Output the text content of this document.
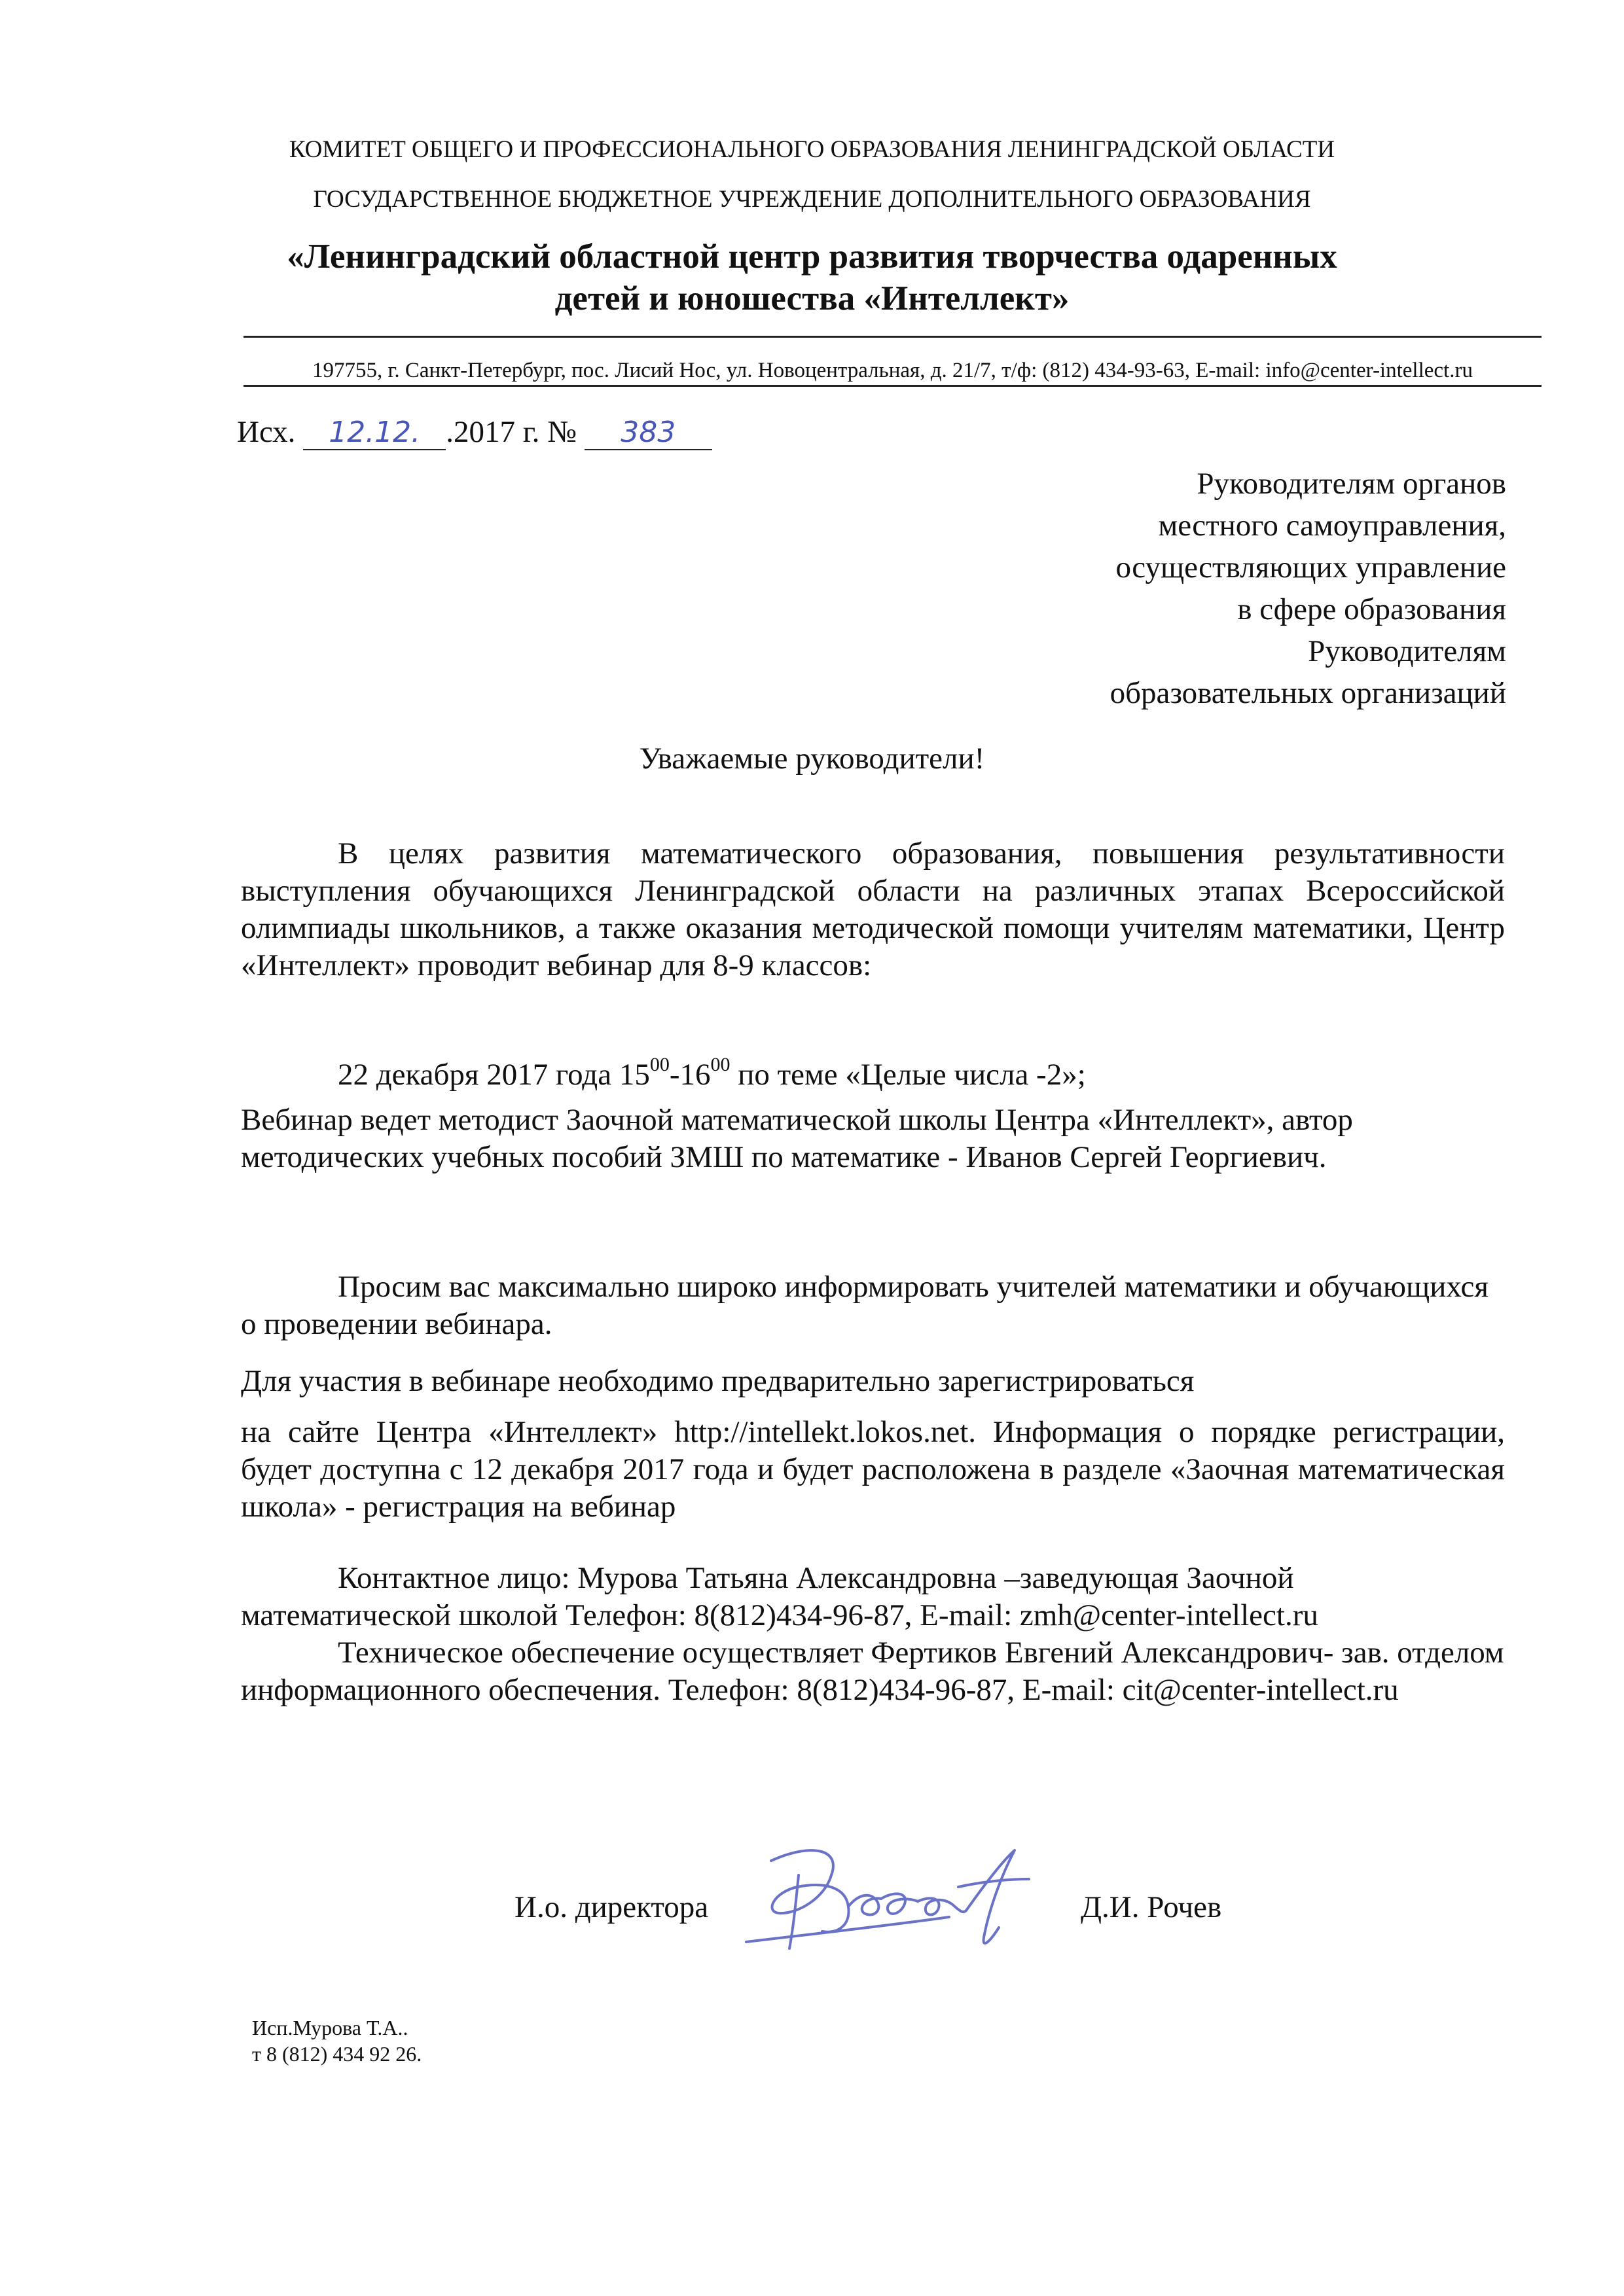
КОМИТЕТ ОБЩЕГО И ПРОФЕССИОНАЛЬНОГО ОБРАЗОВАНИЯ ЛЕНИНГРАДСКОЙ ОБЛАСТИ
ГОСУДАРСТВЕННОЕ БЮДЖЕТНОЕ УЧРЕЖДЕНИЕ ДОПОЛНИТЕЛЬНОГО ОБРАЗОВАНИЯ
«Ленинградский областной центр развития творчества одаренных
детей и юношества «Интеллект»
197755, г. Санкт-Петербург, пос. Лисий Нос, ул. Новоцентральная, д. 21/7, т/ф: (812) 434-93-63, E-mail: info@center-intellect.ru
Исх. 12.12. .2017 г. № 383
Руководителям органов
местного самоуправления,
осуществляющих управление
в сфере образования
Руководителям
образовательных организаций
Уважаемые руководители!
В целях развития математического образования, повышения результативности выступления обучающихся Ленинградской области на различных этапах Всероссийской олимпиады школьников, а также оказания методической помощи учителям математики, Центр «Интеллект» проводит вебинар для 8-9 классов:
22 декабря 2017 года $15^{00}-16^{00}$ по теме «Целые числа -2»;
Вебинар ведет методист Заочной математической школы Центра «Интеллект», автор методических учебных пособий ЗМШ по математике - Иванов Сергей Георгиевич.
Просим вас максимально широко информировать учителей математики и обучающихся о проведении вебинара.
Для участия в вебинаре необходимо предварительно зарегистрироваться
на сайте Центра «Интеллект» http://intellekt.lokos.net. Информация о порядке регистрации, будет доступна с 12 декабря 2017 года и будет расположена в разделе «Заочная математическая школа» - регистрация на вебинар
Контактное лицо: Мурова Татьяна Александровна –заведующая Заочной математической школой Телефон: 8(812)434-96-87, E-mail: zmh@center-intellect.ru
Техническое обеспечение осуществляет Фертиков Евгений Александрович- зав. отделом информационного обеспечения. Телефон: 8(812)434-96-87, E-mail: cit@center-intellect.ru
И.о. директора	Д.И. Рочев
Исп.Мурова Т.А..
т 8 (812) 434 92 26.
